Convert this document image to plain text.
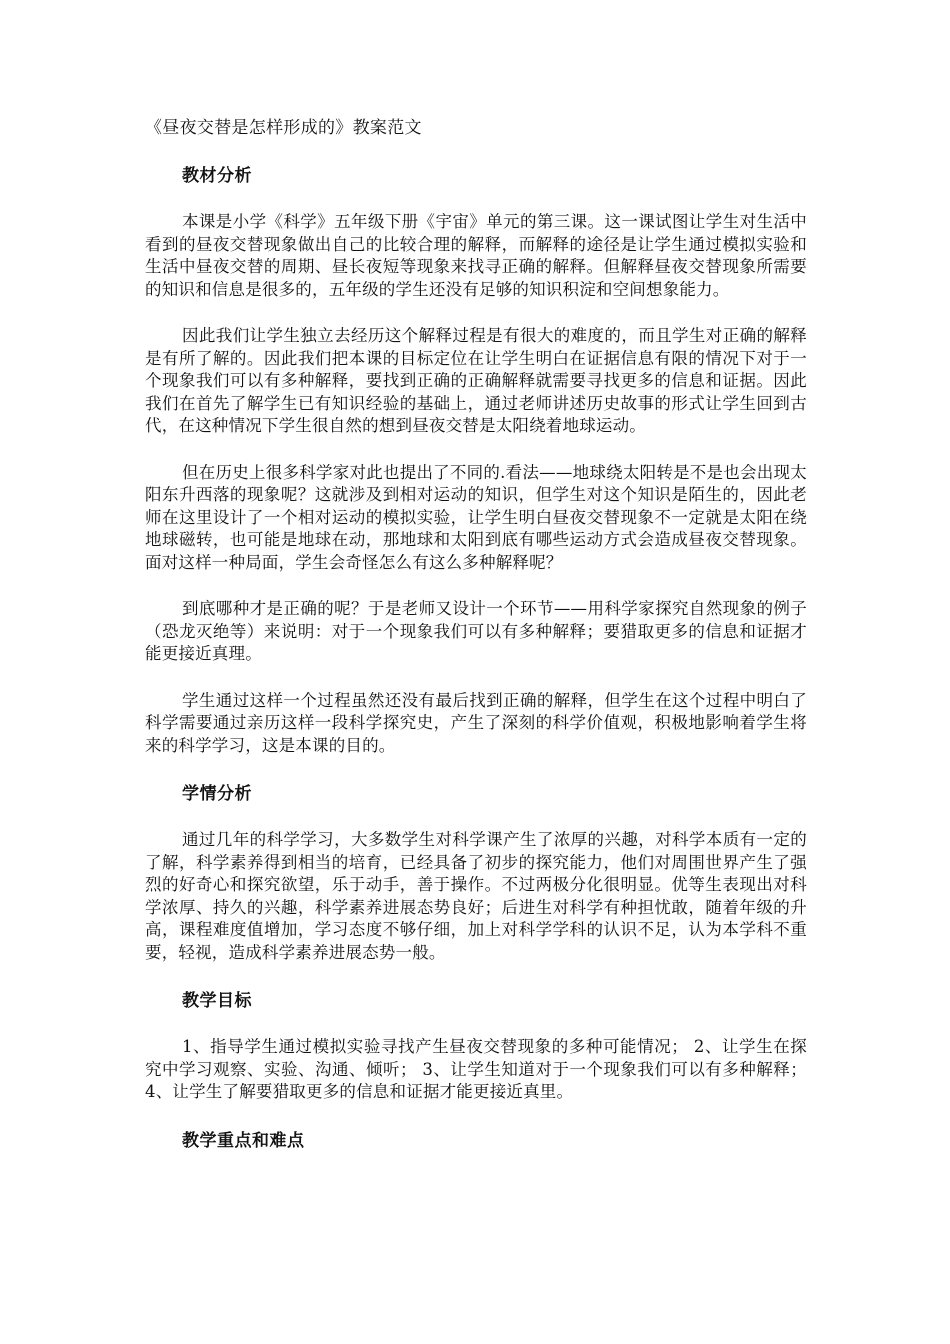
《昼夜交替是怎样形成的》教案范文
教材分析

本课是小学《科学》五年级下册《宇宙》单元的第三课。这一课试图让学生对生活中看到的昼夜交替现象做出自己的比较合理的解释，而解释的途径是让学生通过模拟实验和生活中昼夜交替的周期、昼长夜短等现象来找寻正确的解释。但解释昼夜交替现象所需要的知识和信息是很多的，五年级的学生还没有足够的知识积淀和空间想象能力。

因此我们让学生独立去经历这个解释过程是有很大的难度的，而且学生对正确的解释是有所了解的。因此我们把本课的目标定位在让学生明白在证据信息有限的情况下对于一个现象我们可以有多种解释，要找到正确的正确解释就需要寻找更多的信息和证据。因此我们在首先了解学生已有知识经验的基础上，通过老师讲述历史故事的形式让学生回到古代，在这种情况下学生很自然的想到昼夜交替是太阳绕着地球运动。

但在历史上很多科学家对此也提出了不同的.看法——地球绕太阳转是不是也会出现太阳东升西落的现象呢？这就涉及到相对运动的知识，但学生对这个知识是陌生的，因此老师在这里设计了一个相对运动的模拟实验，让学生明白昼夜交替现象不一定就是太阳在绕地球磁转，也可能是地球在动，那地球和太阳到底有哪些运动方式会造成昼夜交替现象。面对这样一种局面，学生会奇怪怎么有这么多种解释呢？

到底哪种才是正确的呢？于是老师又设计一个环节——用科学家探究自然现象的例子（恐龙灭绝等）来说明：对于一个现象我们可以有多种解释；要猎取更多的信息和证据才能更接近真理。

学生通过这样一个过程虽然还没有最后找到正确的解释，但学生在这个过程中明白了科学需要通过亲历这样一段科学探究史，产生了深刻的科学价值观，积极地影响着学生将来的科学学习，这是本课的目的。

学情分析

通过几年的科学学习，大多数学生对科学课产生了浓厚的兴趣，对科学本质有一定的了解，科学素养得到相当的培育，已经具备了初步的探究能力，他们对周围世界产生了强烈的好奇心和探究欲望，乐于动手，善于操作。不过两极分化很明显。优等生表现出对科学浓厚、持久的兴趣，科学素养进展态势良好；后进生对科学有种担忧敢，随着年级的升高，课程难度值增加，学习态度不够仔细，加上对科学学科的认识不足，认为本学科不重要，轻视，造成科学素养进展态势一般。

教学目标

1、指导学生通过模拟实验寻找产生昼夜交替现象的多种可能情况； 2、让学生在探究中学习观察、实验、沟通、倾听； 3、让学生知道对于一个现象我们可以有多种解释； 4、让学生了解要猎取更多的信息和证据才能更接近真里。

教学重点和难点
